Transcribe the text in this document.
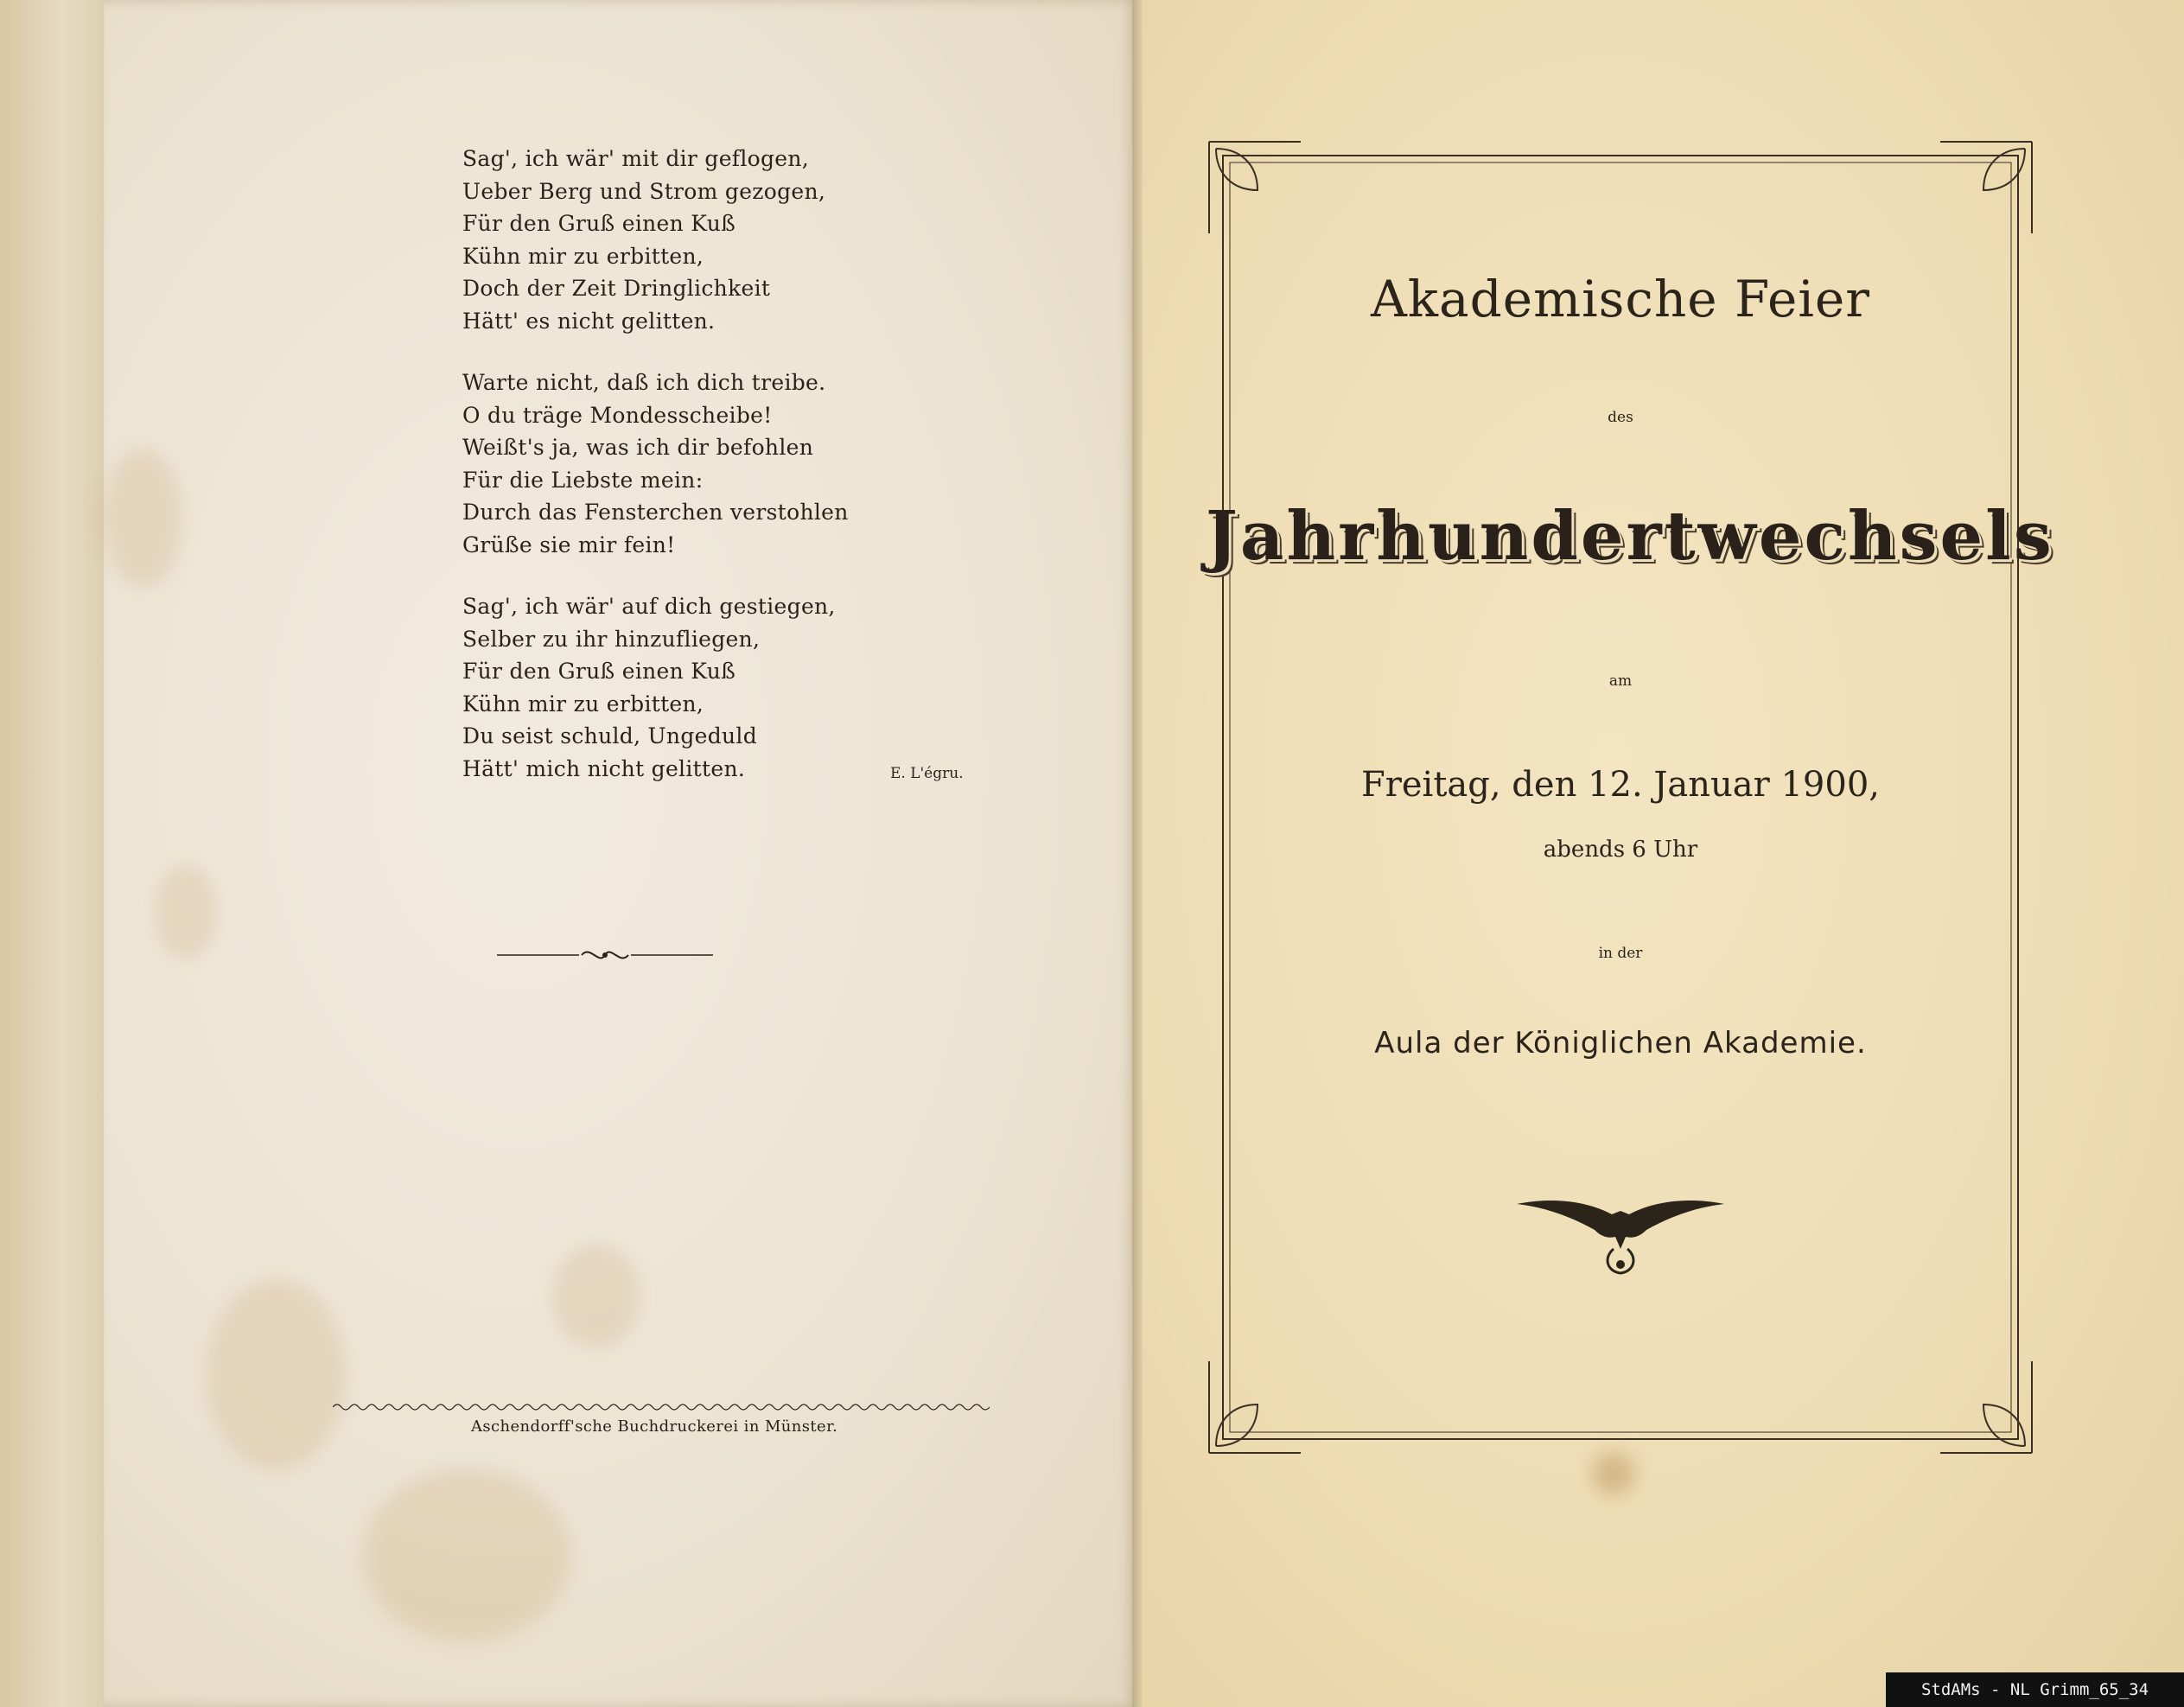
Sag', ich wär' mit dir geflogen,
Ueber Berg und Strom gezogen,
Für den Gruß einen Kuß
Kühn mir zu erbitten,
Doch der Zeit Dringlichkeit
Hätt' es nicht gelitten.
Warte nicht, daß ich dich treibe.
O du träge Mondesscheibe!
Weißt's ja, was ich dir befohlen
Für die Liebste mein:
Durch das Fensterchen verstohlen
Grüße sie mir fein!
Sag', ich wär' auf dich gestiegen,
Selber zu ihr hinzufliegen,
Für den Gruß einen Kuß
Kühn mir zu erbitten,
Du seist schuld, Ungeduld
Hätt' mich nicht gelitten.	E. L'égru.
Aschendorff'sche Buchdruckerei in Münster.
Akademische Feier
des
Jahrhundertwechsels
am
Freitag, den 12. Januar 1900,
abends 6 Uhr
in der
Aula der Königlichen Akademie.
StdAMs - NL Grimm_65_34
